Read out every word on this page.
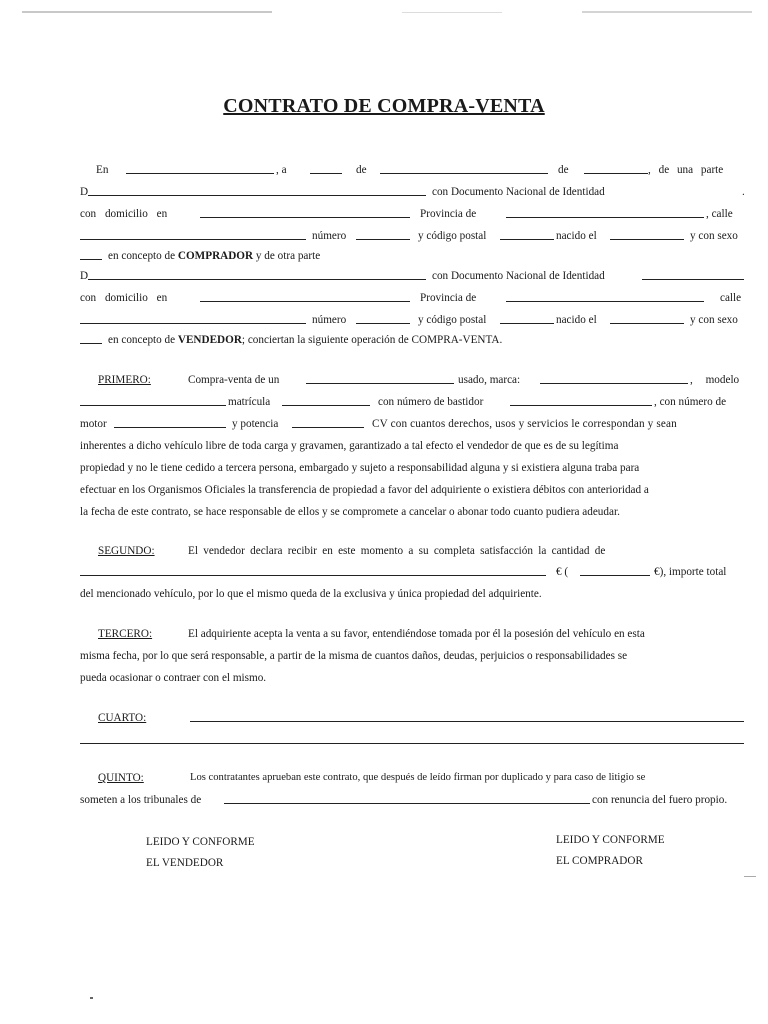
CONTRATO DE COMPRA-VENTA
En	, a	de	de	, de una parte
D	con Documento Nacional de Identidad	.
con domicilio en	Provincia de	, calle
número	y código postal	nacido el	y con sexo
en concepto de COMPRADOR y de otra parte
D	con Documento Nacional de Identidad
con domicilio en	Provincia de	calle
número	y código postal	nacido el	y con sexo
en concepto de VENDEDOR; conciertan la siguiente operación de COMPRA-VENTA.
PRIMERO:	Compra-venta de un	usado, marca:	, modelo
matrícula	con número de bastidor	, con número de
motor	y potencia	CV con cuantos derechos, usos y servicios le correspondan y sean
inherentes a dicho vehículo libre de toda carga y gravamen, garantizado a tal efecto el vendedor de que es de su legítima
propiedad y no le tiene cedido a tercera persona, embargado y sujeto a responsabilidad alguna y si existiera alguna traba para
efectuar en los Organismos Oficiales la transferencia de propiedad a favor del adquiriente o existiera débitos con anterioridad a
la fecha de este contrato, se hace responsable de ellos y se compromete a cancelar o abonar todo cuanto pudiera adeudar.
SEGUNDO:	El vendedor declara recibir en este momento a su completa satisfacción la cantidad de
€ (	€), importe total
del mencionado vehículo, por lo que el mismo queda de la exclusiva y única propiedad del adquiriente.
TERCERO:	El adquiriente acepta la venta a su favor, entendiéndose tomada por él la posesión del vehículo en esta
misma fecha, por lo que será responsable, a partir de la misma de cuantos daños, deudas, perjuicios o responsabilidades se
pueda ocasionar o contraer con el mismo.
CUARTO:
QUINTO:	Los contratantes aprueban este contrato, que después de leído firman por duplicado y para caso de litigio se
someten a los tribunales de	con renuncia del fuero propio.
LEIDO Y CONFORME
EL VENDEDOR
LEIDO Y CONFORME
EL COMPRADOR
